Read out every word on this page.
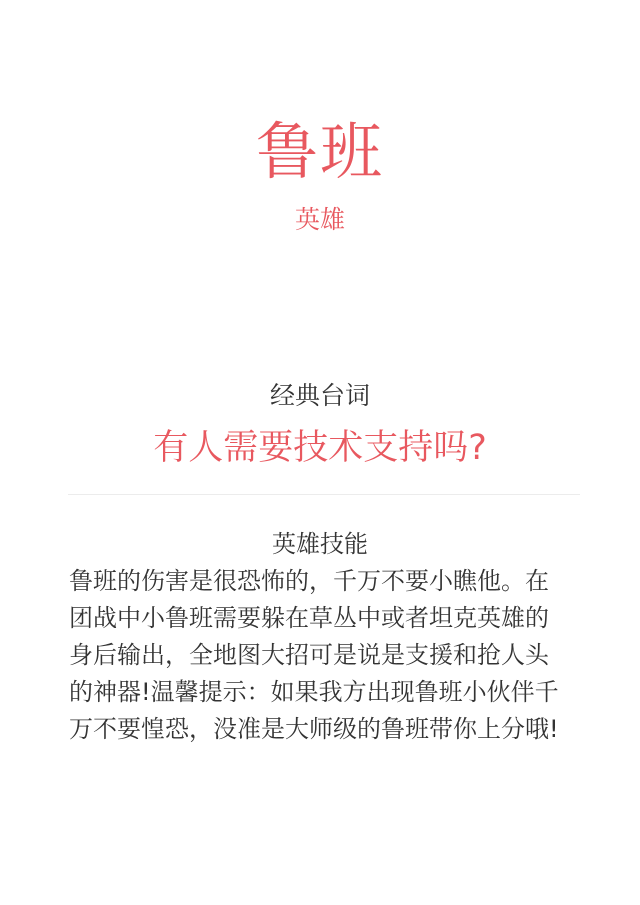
鲁班
英雄
经典台词
有人需要技术支持吗?
英雄技能
鲁班的伤害是很恐怖的，千万不要小瞧他。在团战中小鲁班需要躲在草丛中或者坦克英雄的身后输出，全地图大招可是说是支援和抢人头的神器!温馨提示：如果我方出现鲁班小伙伴千万不要惶恐，没准是大师级的鲁班带你上分哦!
